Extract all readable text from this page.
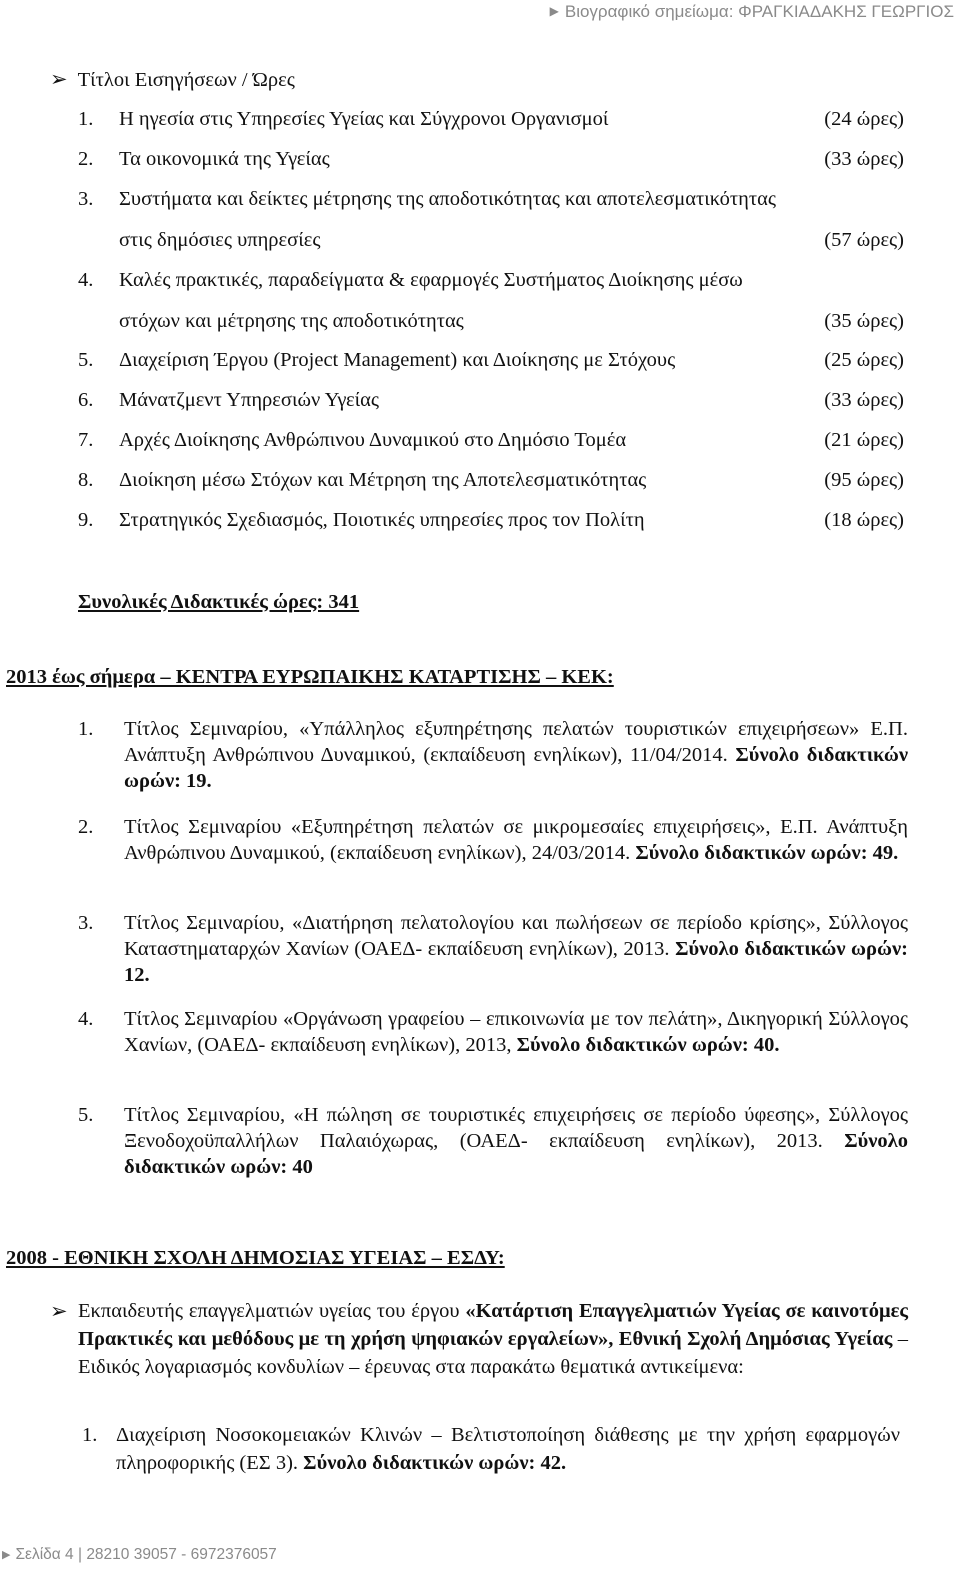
▶ Βιογραφικό σημείωμα: ΦΡΑΓΚΙΑΔΑΚΗΣ ΓΕΩΡΓΙΟΣ
➢ Τίτλοι Εισηγήσεων / Ώρες
1. Η ηγεσία στις Υπηρεσίες Υγείας και Σύγχρονοι Οργανισμοί	(24 ώρες)
2. Τα οικονομικά της Υγείας	(33 ώρες)
3. Συστήματα και δείκτες μέτρησης της αποδοτικότητας και αποτελεσματικότητας
στις δημόσιες υπηρεσίες	(57 ώρες)
4. Καλές πρακτικές, παραδείγματα & εφαρμογές Συστήματος Διοίκησης μέσω
στόχων και μέτρησης της αποδοτικότητας	(35 ώρες)
5. Διαχείριση Έργου (Project Management) και Διοίκησης με Στόχους	(25 ώρες)
6. Μάνατζμεντ Υπηρεσιών Υγείας	(33 ώρες)
7. Αρχές Διοίκησης Ανθρώπινου Δυναμικού στο Δημόσιο Τομέα	(21 ώρες)
8. Διοίκηση μέσω Στόχων και Μέτρηση της Αποτελεσματικότητας	(95 ώρες)
9. Στρατηγικός Σχεδιασμός, Ποιοτικές υπηρεσίες προς τον Πολίτη	(18 ώρες)
Συνολικές Διδακτικές ώρες: 341
2013 έως σήμερα – ΚΕΝΤΡΑ ΕΥΡΩΠΑΙΚΗΣ ΚΑΤΑΡΤΙΣΗΣ – ΚΕΚ:
1. Τίτλος Σεμιναρίου, «Υπάλληλος εξυπηρέτησης πελατών τουριστικών επιχειρήσεων» Ε.Π. Ανάπτυξη Ανθρώπινου Δυναμικού, (εκπαίδευση ενηλίκων), 11/04/2014. Σύνολο διδακτικών ωρών: 19.
2. Τίτλος Σεμιναρίου «Εξυπηρέτηση πελατών σε μικρομεσαίες επιχειρήσεις», Ε.Π. Ανάπτυξη Ανθρώπινου Δυναμικού, (εκπαίδευση ενηλίκων), 24/03/2014. Σύνολο διδακτικών ωρών: 49.
3. Τίτλος Σεμιναρίου, «Διατήρηση πελατολογίου και πωλήσεων σε περίοδο κρίσης», Σύλλογος Καταστηματαρχών Χανίων (ΟΑΕΔ- εκπαίδευση ενηλίκων), 2013. Σύνολο διδακτικών ωρών: 12.
4. Τίτλος Σεμιναρίου «Οργάνωση γραφείου – επικοινωνία με τον πελάτη», Δικηγορική Σύλλογος Χανίων, (ΟΑΕΔ- εκπαίδευση ενηλίκων), 2013, Σύνολο διδακτικών ωρών: 40.
5. Τίτλος Σεμιναρίου, «Η πώληση σε τουριστικές επιχειρήσεις σε περίοδο ύφεσης», Σύλλογος Ξενοδοχοϋπαλλήλων Παλαιόχωρας, (ΟΑΕΔ- εκπαίδευση ενηλίκων), 2013. Σύνολο διδακτικών ωρών: 40
2008 - ΕΘΝΙΚΗ ΣΧΟΛΗ ΔΗΜΟΣΙΑΣ ΥΓΕΙΑΣ – ΕΣΔΥ:
➢ Εκπαιδευτής επαγγελματιών υγείας του έργου «Κατάρτιση Επαγγελματιών Υγείας σε καινοτόμες Πρακτικές και μεθόδους με τη χρήση ψηφιακών εργαλείων», Εθνική Σχολή Δημόσιας Υγείας – Ειδικός λογαριασμός κονδυλίων – έρευνας στα παρακάτω θεματικά αντικείμενα:
1. Διαχείριση Νοσοκομειακών Κλινών – Βελτιστοποίηση διάθεσης με την χρήση εφαρμογών πληροφορικής (ΕΣ 3). Σύνολο διδακτικών ωρών: 42.
▶ Σελίδα 4 | 28210 39057 - 6972376057
